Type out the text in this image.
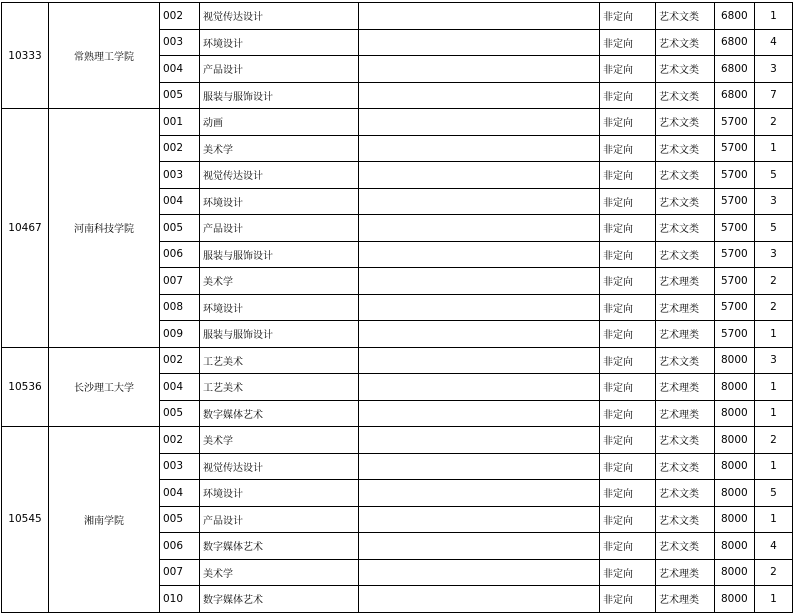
10333	常熟理工学院	002	视觉传达设计		非定向	艺术文类	6800	1
		003	环境设计		非定向	艺术文类	6800	4
		004	产品设计		非定向	艺术文类	6800	3
		005	服装与服饰设计		非定向	艺术文类	6800	7
10467	河南科技学院	001	动画		非定向	艺术文类	5700	2
		002	美术学		非定向	艺术文类	5700	1
		003	视觉传达设计		非定向	艺术文类	5700	5
		004	环境设计		非定向	艺术文类	5700	3
		005	产品设计		非定向	艺术文类	5700	5
		006	服装与服饰设计		非定向	艺术文类	5700	3
		007	美术学		非定向	艺术理类	5700	2
		008	环境设计		非定向	艺术理类	5700	2
		009	服装与服饰设计		非定向	艺术理类	5700	1
10536	长沙理工大学	002	工艺美术		非定向	艺术文类	8000	3
		004	工艺美术		非定向	艺术理类	8000	1
		005	数字媒体艺术		非定向	艺术理类	8000	1
10545	湘南学院	002	美术学		非定向	艺术文类	8000	2
		003	视觉传达设计		非定向	艺术文类	8000	1
		004	环境设计		非定向	艺术文类	8000	5
		005	产品设计		非定向	艺术文类	8000	1
		006	数字媒体艺术		非定向	艺术文类	8000	4
		007	美术学		非定向	艺术理类	8000	2
		010	数字媒体艺术		非定向	艺术理类	8000	1
